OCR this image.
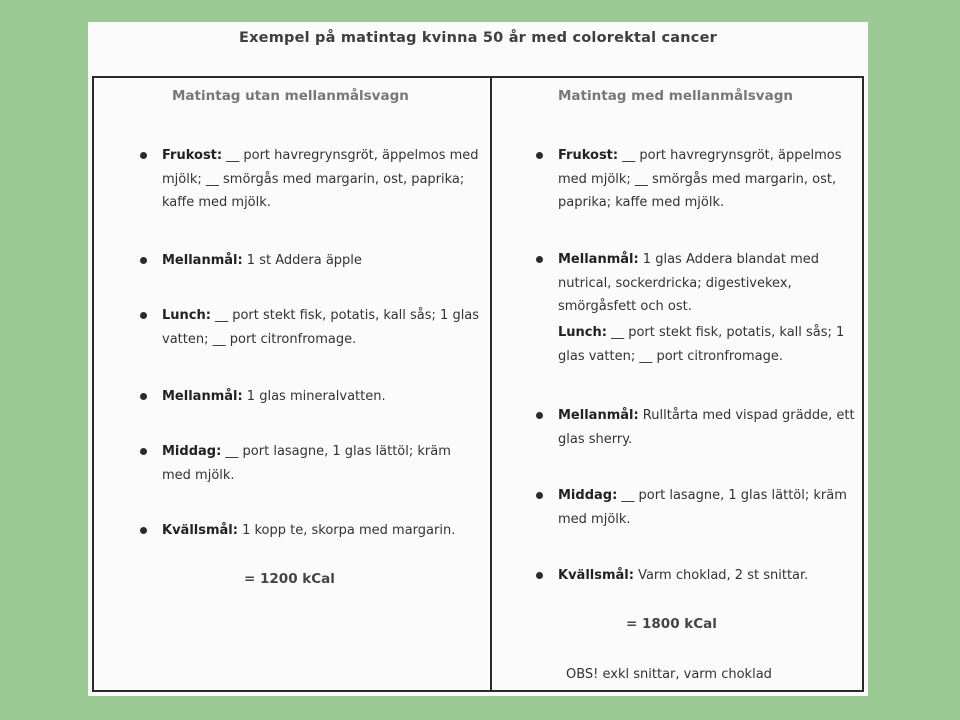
Exempel på matintag kvinna 50 år med colorektal cancer
Matintag utan mellanmålsvagn
Frukost: __ port havregrynsgröt, äppelmos med mjölk; __ smörgås med margarin, ost, paprika; kaffe med mjölk.
Mellanmål: 1 st Addera äpple
Lunch: __ port stekt fisk, potatis, kall sås; 1 glas vatten; __ port citronfromage.
Mellanmål: 1 glas mineralvatten.
Middag: __ port lasagne, 1 glas lättöl; kräm med mjölk.
Kvällsmål: 1 kopp te, skorpa med margarin.
= 1200 kCal
Matintag med mellanmålsvagn
Frukost: __ port havregrynsgröt, äppelmos med mjölk; __ smörgås med margarin, ost, paprika; kaffe med mjölk.
Mellanmål: 1 glas Addera blandat med nutrical, sockerdricka; digestivekex, smörgåsfett och ost.
Lunch: __ port stekt fisk, potatis, kall sås; 1 glas vatten; __ port citronfromage.
Mellanmål: Rulltårta med vispad grädde, ett glas sherry.
Middag: __ port lasagne, 1 glas lättöl; kräm med mjölk.
Kvällsmål: Varm choklad, 2 st snittar.
= 1800 kCal
OBS! exkl snittar, varm choklad
